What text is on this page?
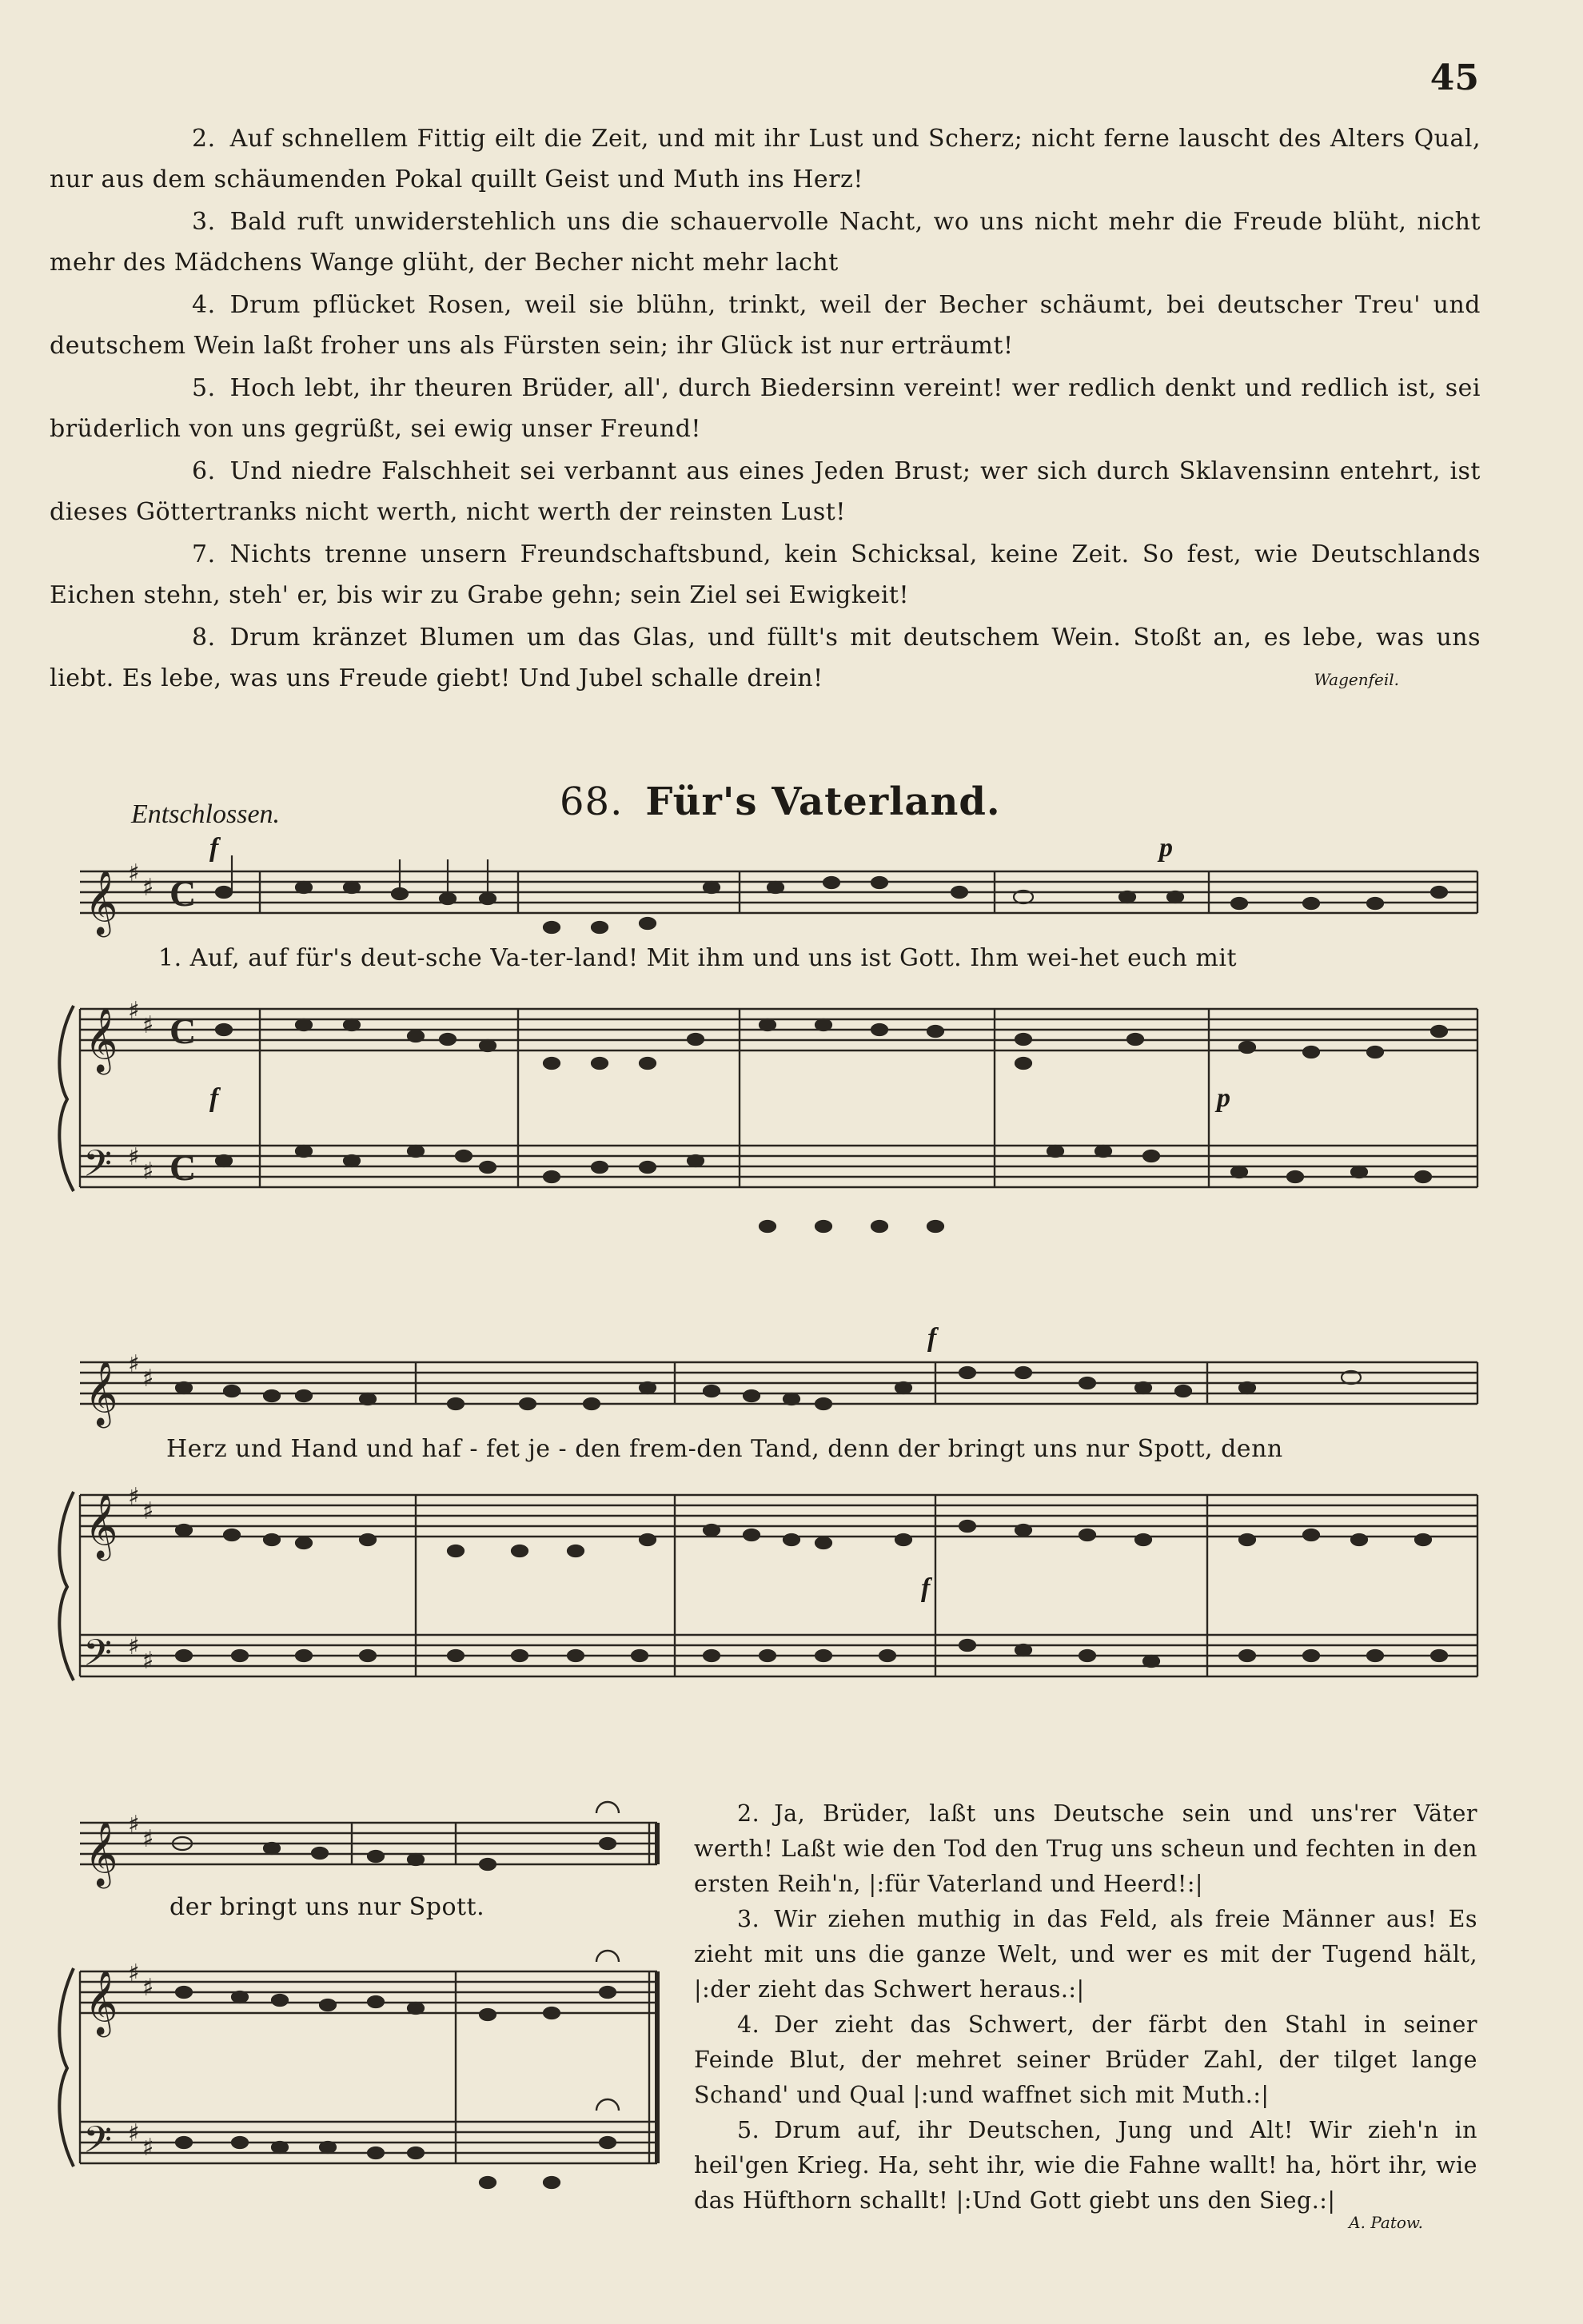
45

2. Auf schnellem Fittig eilt die Zeit, und mit ihr Lust und Scherz; nicht ferne lauscht des Alters Qual, nur aus dem schäumenden Pokal quillt Geist und Muth ins Herz!

3. Bald ruft unwiderstehlich uns die schauervolle Nacht, wo uns nicht mehr die Freude blüht, nicht mehr des Mädchens Wange glüht, der Becher nicht mehr lacht

4. Drum pflücket Rosen, weil sie blühn, trinkt, weil der Becher schäumt, bei deutscher Treu' und deutschem Wein laßt froher uns als Fürsten sein; ihr Glück ist nur erträumt!

5. Hoch lebt, ihr theuren Brüder, all', durch Biedersinn vereint! wer redlich denkt und redlich ist, sei brüderlich von uns gegrüßt, sei ewig unser Freund!

6. Und niedre Falschheit sei verbannt aus eines Jeden Brust; wer sich durch Sklavensinn entehrt, ist dieses Göttertranks nicht werth, nicht werth der reinsten Lust!

7. Nichts trenne unsern Freundschaftsbund, kein Schicksal, keine Zeit. So fest, wie Deutschlands Eichen stehn, steh' er, bis wir zu Grabe gehn; sein Ziel sei Ewigkeit!

8. Drum kränzet Blumen um das Glas, und füllt's mit deutschem Wein. Stoßt an, es lebe, was uns liebt. Es lebe, was uns Freude giebt! Und Jubel schalle drein!	Wagenfeil.
Entschlossen.	68. Für's Vaterland.
𝄞
𝄞
𝄢
𝄞
𝄞
𝄢
𝄞
𝄞
𝄢
♯
♯
♯
♯
♯
♯
♯
♯
♯
♯
♯
♯
♯
♯
♯
♯
♯
♯
C
C
C
f	p
f	p
f
f
1. Auf, auf für's deut-sche Va-ter-land! Mit ihm und uns ist Gott. Ihm wei-het euch mit
Herz und Hand und haf - fet je - den frem-den Tand, denn der bringt uns nur Spott, denn
der bringt uns nur Spott.

2. Ja, Brüder, laßt uns Deutsche sein und uns'rer Väter werth! Laßt wie den Tod den Trug uns scheun und fechten in den ersten Reih'n, |:für Vaterland und Heerd!:|

3. Wir ziehen muthig in das Feld, als freie Männer aus! Es zieht mit uns die ganze Welt, und wer es mit der Tugend hält, |:der zieht das Schwert heraus.:|

4. Der zieht das Schwert, der färbt den Stahl in seiner Feinde Blut, der mehret seiner Brüder Zahl, der tilget lange Schand' und Qual |:und waffnet sich mit Muth.:|

5. Drum auf, ihr Deutschen, Jung und Alt! Wir zieh'n in heil'gen Krieg. Ha, seht ihr, wie die Fahne wallt! ha, hört ihr, wie das Hüfthorn schallt! |:Und Gott giebt uns den Sieg.:|

A. Patow.
